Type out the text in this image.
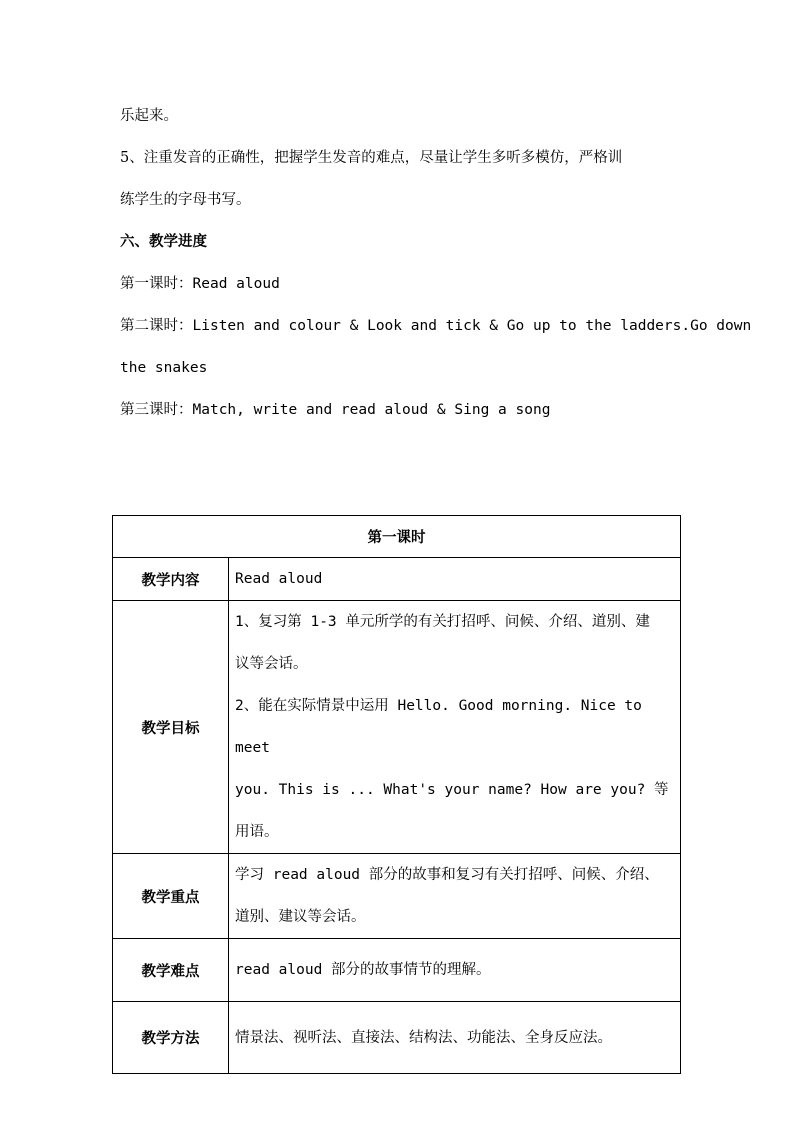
乐起来。
5、注重发音的正确性，把握学生发音的难点，尽量让学生多听多模仿，严格训
练学生的字母书写。
六、教学进度
第一课时：Read aloud
第二课时：Listen and colour & Look and tick & Go up to the ladders.Go down
the snakes
第三课时：Match, write and read aloud & Sing a song
第一课时	
教学内容	Read aloud

教学目标	1、复习第 1-3 单元所学的有关打招呼、问候、介绍、道别、建
议等会话。
2、能在实际情景中运用 Hello. Good morning. Nice to meet
you. This is ... What's your name? How are you? 等用语。

教学重点	学习 read aloud 部分的故事和复习有关打招呼、问候、介绍、
道别、建议等会话。

教学难点	read aloud 部分的故事情节的理解。

教学方法	情景法、视听法、直接法、结构法、功能法、全身反应法。
